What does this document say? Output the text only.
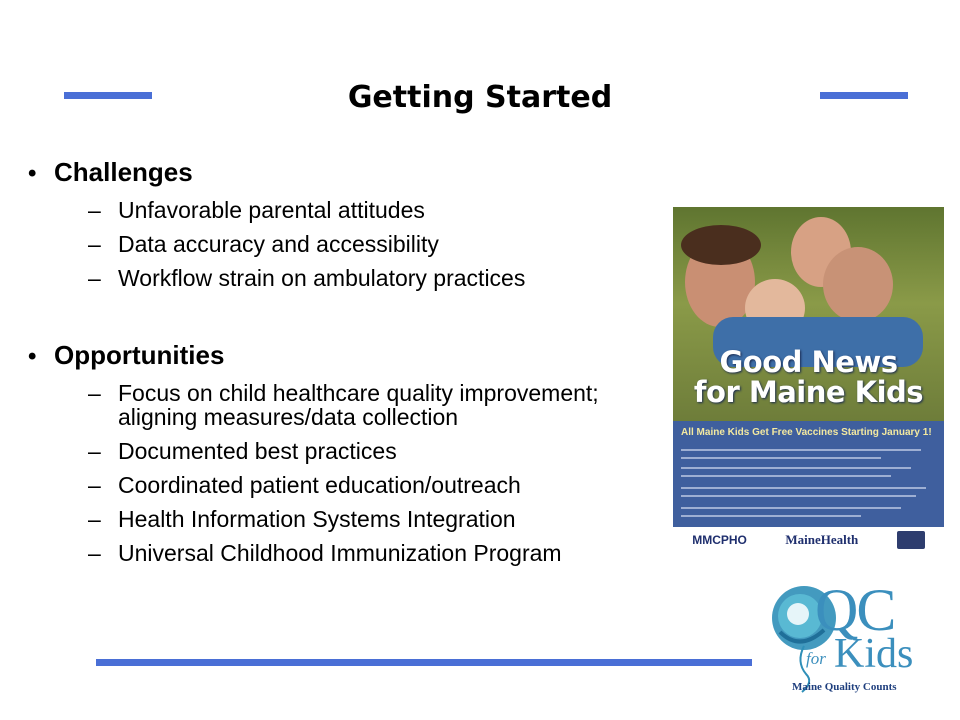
Getting Started
• Challenges
– Unfavorable parental attitudes
– Data accuracy and accessibility
– Workflow strain on ambulatory practices
• Opportunities
– Focus on child healthcare quality improvement; aligning measures/data collection
– Documented best practices
– Coordinated patient education/outreach
– Health Information Systems Integration
– Universal Childhood Immunization Program
Good News
for Maine Kids
All Maine Kids Get Free Vaccines Starting January 1!
MMCPHO	MaineHealth
QC
for Kids
Maine Quality Counts
